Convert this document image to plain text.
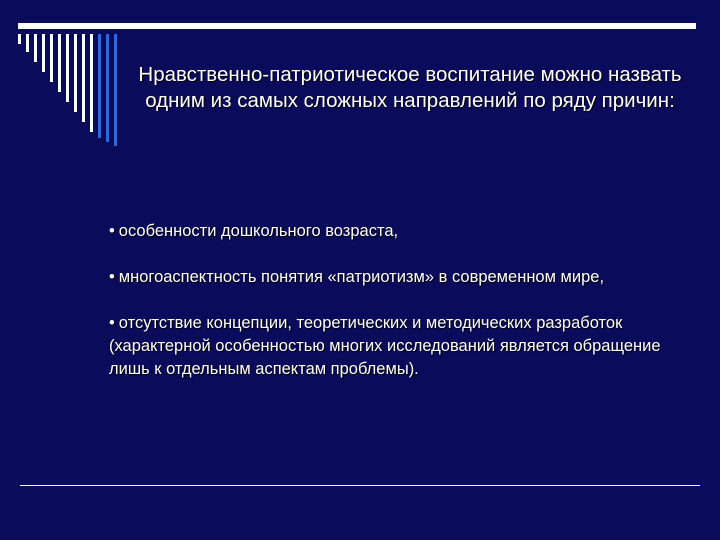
Нравственно-патриотическое воспитание можно назвать одним из самых сложных направлений по ряду причин:

• особенности дошкольного возраста,

• многоаспектность понятия «патриотизм» в современном мире,

• отсутствие концепции, теоретических и методических разработок (характерной особенностью многих исследований является обращение лишь к отдельным аспектам проблемы).
